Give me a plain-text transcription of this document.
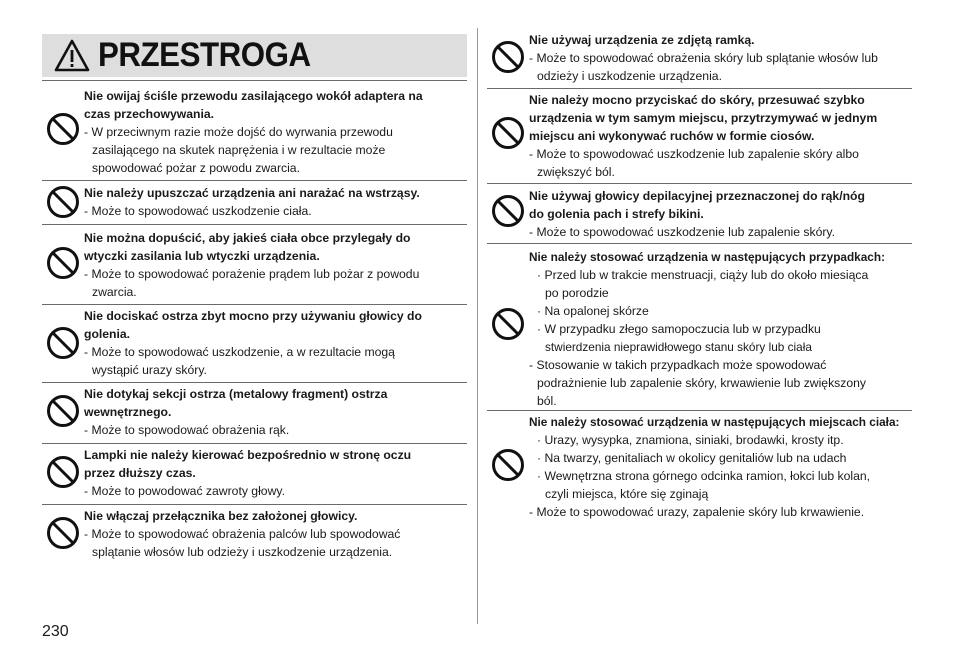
PRZESTROGA
Nie owijaj ściśle przewodu zasilającego wokół adaptera na
czas przechowywania.
- W przeciwnym razie może dojść do wyrwania przewodu
zasilającego na skutek naprężenia i w rezultacie może
spowodować pożar z powodu zwarcia.
Nie należy upuszczać urządzenia ani narażać na wstrząsy.
- Może to spowodować uszkodzenie ciała.
Nie można dopuścić, aby jakieś ciała obce przylegały do
wtyczki zasilania lub wtyczki urządzenia.
- Może to spowodować porażenie prądem lub pożar z powodu
zwarcia.
Nie dociskać ostrza zbyt mocno przy używaniu głowicy do
golenia.
- Może to spowodować uszkodzenie, a w rezultacie mogą
wystąpić urazy skóry.
Nie dotykaj sekcji ostrza (metalowy fragment) ostrza
wewnętrznego.
- Może to spowodować obrażenia rąk.
Lampki nie należy kierować bezpośrednio w stronę oczu
przez dłuższy czas.
- Może to powodować zawroty głowy.
Nie włączaj przełącznika bez założonej głowicy.
- Może to spowodować obrażenia palców lub spowodować
splątanie włosów lub odzieży i uszkodzenie urządzenia.
Nie używaj urządzenia ze zdjętą ramką.
- Może to spowodować obrażenia skóry lub splątanie włosów lub
odzieży i uszkodzenie urządzenia.
Nie należy mocno przyciskać do skóry, przesuwać szybko
urządzenia w tym samym miejscu, przytrzymywać w jednym
miejscu ani wykonywać ruchów w formie ciosów.
- Może to spowodować uszkodzenie lub zapalenie skóry albo
zwiększyć ból.
Nie używaj głowicy depilacyjnej przeznaczonej do rąk/nóg
do golenia pach i strefy bikini.
- Może to spowodować uszkodzenie lub zapalenie skóry.
Nie należy stosować urządzenia w następujących przypadkach:
· Przed lub w trakcie menstruacji, ciąży lub do około miesiąca
po porodzie
· Na opalonej skórze
· W przypadku złego samopoczucia lub w przypadku
stwierdzenia nieprawidłowego stanu skóry lub ciała
- Stosowanie w takich przypadkach może spowodować
podrażnienie lub zapalenie skóry, krwawienie lub zwiększony
ból.
Nie należy stosować urządzenia w następujących miejscach ciała:
· Urazy, wysypka, znamiona, siniaki, brodawki, krosty itp.
· Na twarzy, genitaliach w okolicy genitaliów lub na udach
· Wewnętrzna strona górnego odcinka ramion, łokci lub kolan,
czyli miejsca, które się zginają
- Może to spowodować urazy, zapalenie skóry lub krwawienie.
230
